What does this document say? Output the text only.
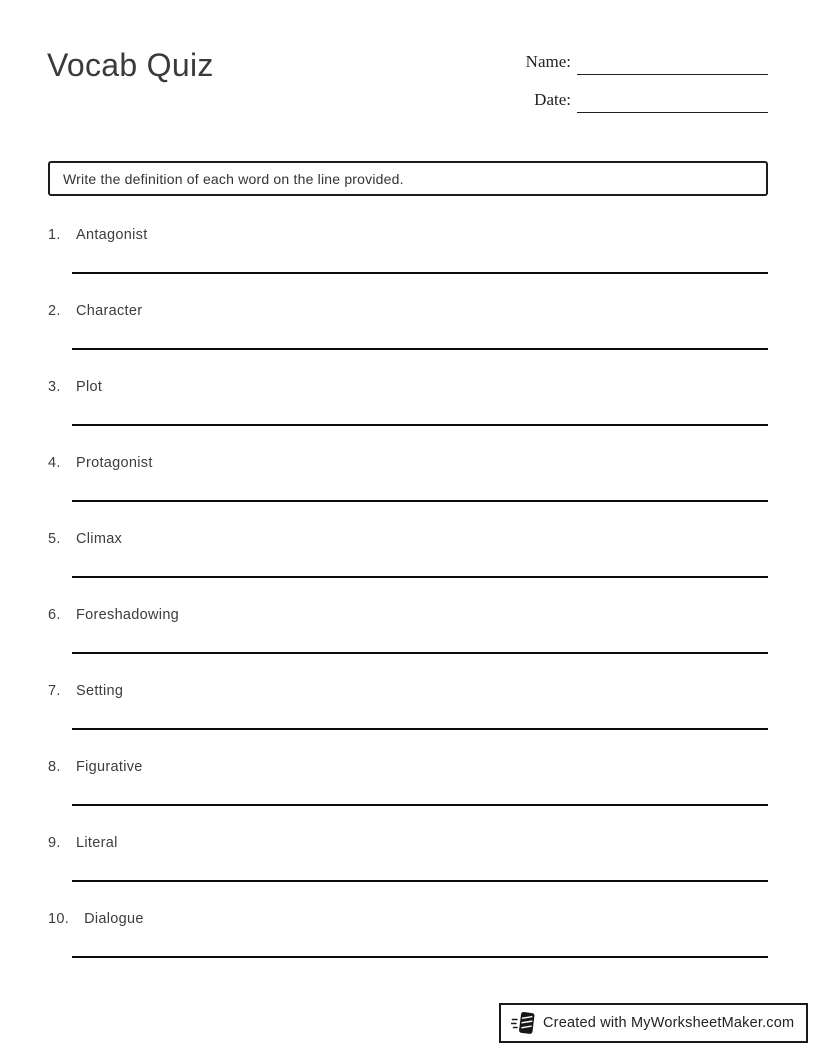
Vocab Quiz	Name:
Date:
Write the definition of each word on the line provided.
1. Antagonist
2. Character
3. Plot
4. Protagonist
5. Climax
6. Foreshadowing
7. Setting
8. Figurative
9. Literal
10. Dialogue
Created with MyWorksheetMaker.com
